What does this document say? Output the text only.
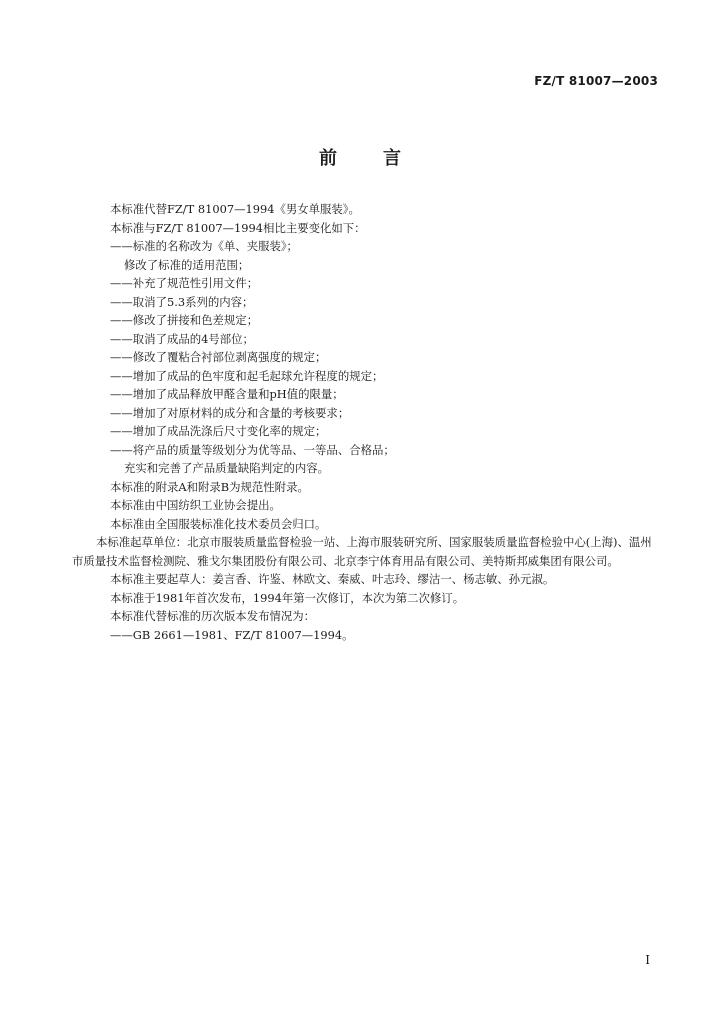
FZ/T 81007—2003
前	言

本标准代替FZ/T 81007—1994《男女单服装》。

本标准与FZ/T 81007—1994相比主要变化如下：

——标准的名称改为《单、夹服装》；

修改了标准的适用范围；

——补充了规范性引用文件；

——取消了5.3系列的内容；

——修改了拼接和色差规定；

——取消了成品的4号部位；

——修改了覆粘合衬部位剥离强度的规定；

——增加了成品的色牢度和起毛起球允许程度的规定；

——增加了成品释放甲醛含量和pH值的限量；

——增加了对原材料的成分和含量的考核要求；

——增加了成品洗涤后尺寸变化率的规定；

——将产品的质量等级划分为优等品、一等品、合格品；

充实和完善了产品质量缺陷判定的内容。

本标准的附录A和附录B为规范性附录。

本标准由中国纺织工业协会提出。

本标准由全国服装标准化技术委员会归口。

本标准起草单位：北京市服装质量监督检验一站、上海市服装研究所、国家服装质量监督检验中心(上海)、温州市质量技术监督检测院、雅戈尔集团股份有限公司、北京李宁体育用品有限公司、美特斯邦威集团有限公司。

本标准主要起草人：姜言香、许鉴、林欧文、秦威、叶志玲、缪沽一、杨志敏、孙元淑。

本标准于1981年首次发布，1994年第一次修订，本次为第二次修订。

本标准代替标准的历次版本发布情况为：

——GB 2661—1981、FZ/T 81007—1994。

I
